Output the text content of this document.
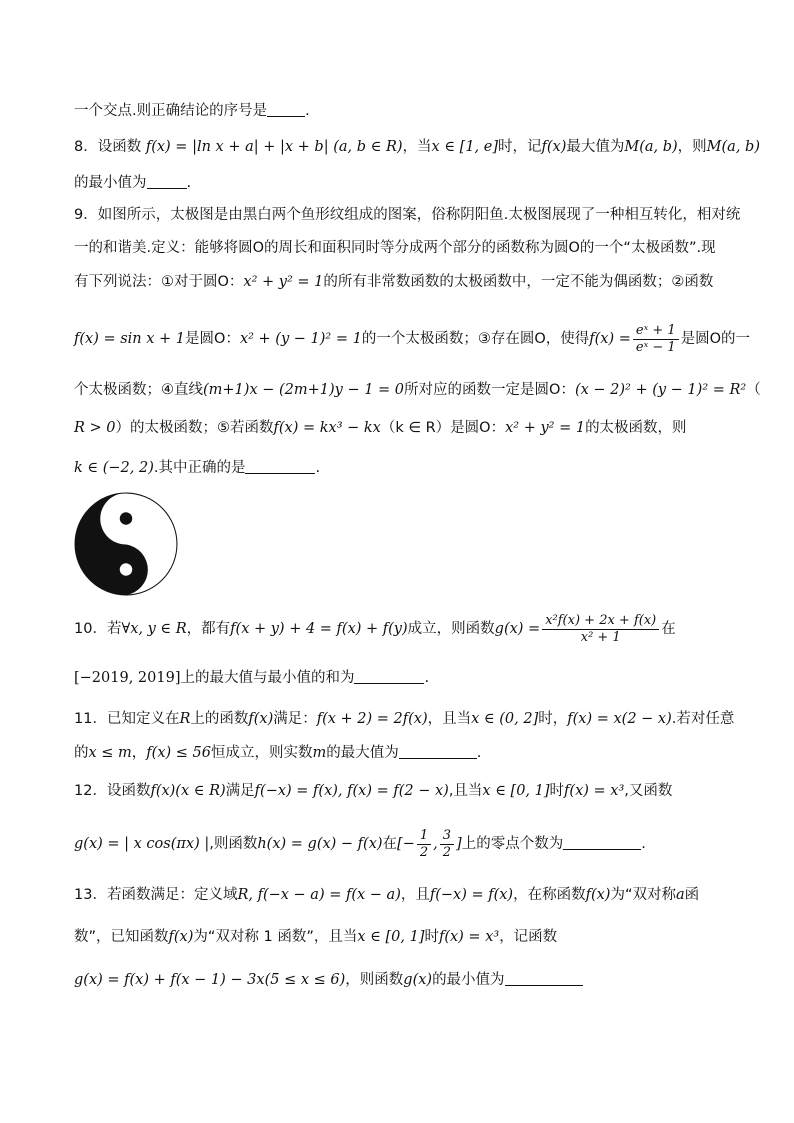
一个交点.则正确结论的序号是	.
8．设函数 f(x) = |ln x + a| + |x + b| (a, b ∈ R)，当x ∈ [1, e]时，记f(x)最大值为M(a, b)，则M(a, b)
的最小值为	.
9．如图所示，太极图是由黑白两个鱼形纹组成的图案，俗称阴阳鱼.太极图展现了一种相互转化，相对统
一的和谐美.定义：能够将圆O的周长和面积同时等分成两个部分的函数称为圆O的一个“太极函数”.现
有下列说法：①对于圆O：x² + y² = 1的所有非常数函数的太极函数中，一定不能为偶函数；②函数
f(x) = sin x + 1是圆O：x² + (y − 1)² = 1的一个太极函数；③存在圆O，使得$f(x) = \frac{\text{eˣ + 1}}{\text{eˣ − 1}}$ 是圆O的一
个太极函数；④直线(m+1)x − (2m+1)y − 1 = 0所对应的函数一定是圆O：(x − 2)² + (y − 1)² = R²（
R > 0）的太极函数；⑤若函数f(x) = kx³ − kx（k ∈ R）是圆O：x² + y² = 1的太极函数，则
k ∈ (−2, 2).其中正确的是	.
10．若∀x, y ∈ R，都有f(x + y) + 4 = f(x) + f(y)成立，则函数$g(x) = \frac{\text{x²f(x) + 2x + f(x)}}{\text{x² + 1}}$ 在
[−2019, 2019]上的最大值与最小值的和为	.
11．已知定义在R上的函数f(x)满足：f(x + 2) = 2f(x)，且当x ∈ (0, 2]时，f(x) = x(2 − x).若对任意
的x ≤ m，f(x) ≤ 56恒成立，则实数m的最大值为	.
12．设函数f(x)(x ∈ R)满足f(−x) = f(x), f(x) = f(2 − x),且当x ∈ [0, 1]时f(x) = x³,又函数
g(x) = | x cos(πx) |,则函数h(x) = g(x) − f(x)在[− $\frac{1}{2}$ , $\frac{3}{2}$ ]上的零点个数为	.
13．若函数满足：定义域R, f(−x − a) = f(x − a)，且f(−x) = f(x)，在称函数f(x)为“双对称a函
数”，已知函数f(x)为“双对称 1 函数”，且当x ∈ [0, 1]时f(x) = x³，记函数
g(x) = f(x) + f(x − 1) − 3x(5 ≤ x ≤ 6)，则函数g(x)的最小值为
